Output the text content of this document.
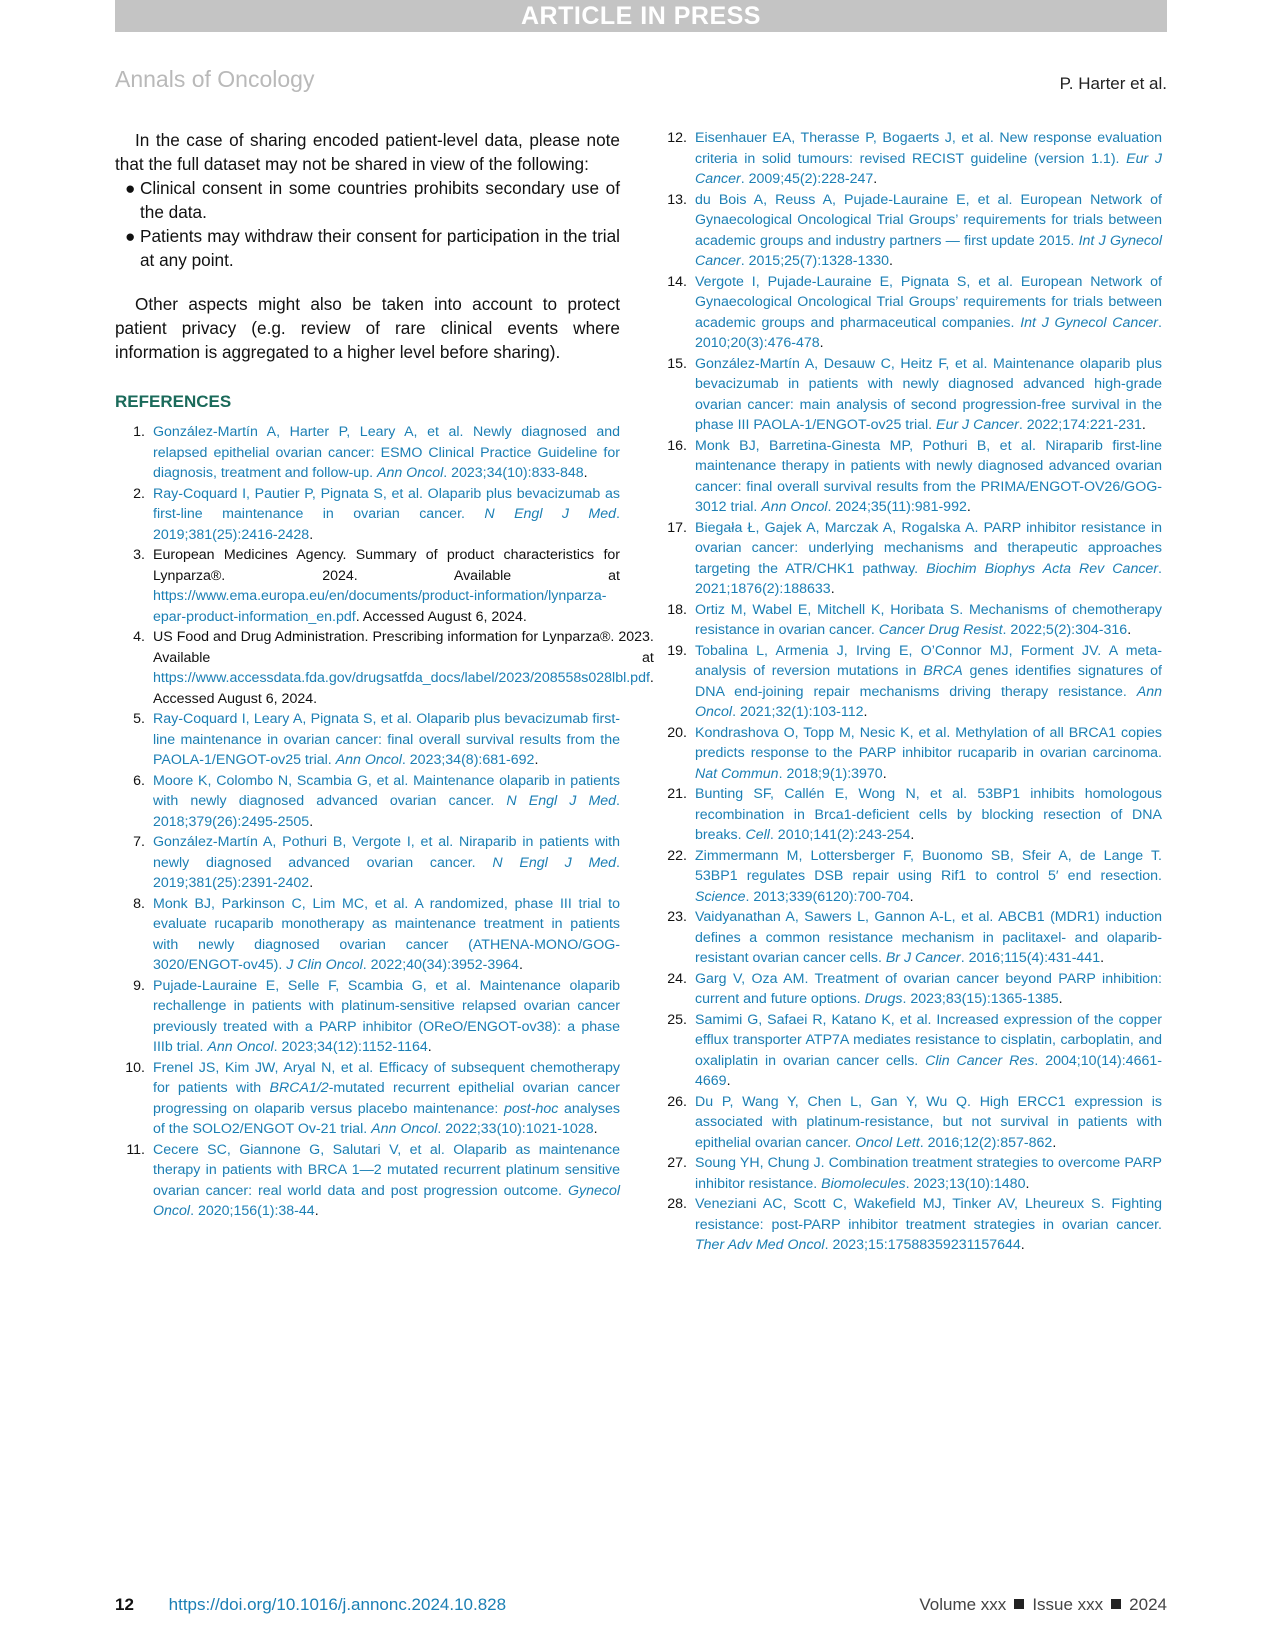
ARTICLE IN PRESS
Annals of Oncology	P. Harter et al.

In the case of sharing encoded patient-level data, please note that the full dataset may not be shared in view of the following:

● Clinical consent in some countries prohibits secondary use of the data.
● Patients may withdraw their consent for participation in the trial at any point.

Other aspects might also be taken into account to protect patient privacy (e.g. review of rare clinical events where information is aggregated to a higher level before sharing).

REFERENCES
1. González-Martín A, Harter P, Leary A, et al. Newly diagnosed and relapsed epithelial ovarian cancer: ESMO Clinical Practice Guideline for diagnosis, treatment and follow-up. Ann Oncol. 2023;34(10):833-848.
2. Ray-Coquard I, Pautier P, Pignata S, et al. Olaparib plus bevacizumab as first-line maintenance in ovarian cancer. N Engl J Med. 2019;381(25):2416-2428.
3. European Medicines Agency. Summary of product characteristics for Lynparza®. 2024. Available at https://www.ema.europa.eu/en/documents/product-information/lynparza-epar-product-information_en.pdf. Accessed August 6, 2024.
4. US Food and Drug Administration. Prescribing information for Lynparza®. 2023. Available at https://www.accessdata.fda.gov/drugsatfda_docs/label/2023/208558s028lbl.pdf. Accessed August 6, 2024.
5. Ray-Coquard I, Leary A, Pignata S, et al. Olaparib plus bevacizumab first-line maintenance in ovarian cancer: final overall survival results from the PAOLA-1/ENGOT-ov25 trial. Ann Oncol. 2023;34(8):681-692.
6. Moore K, Colombo N, Scambia G, et al. Maintenance olaparib in patients with newly diagnosed advanced ovarian cancer. N Engl J Med. 2018;379(26):2495-2505.
7. González-Martín A, Pothuri B, Vergote I, et al. Niraparib in patients with newly diagnosed advanced ovarian cancer. N Engl J Med. 2019;381(25):2391-2402.
8. Monk BJ, Parkinson C, Lim MC, et al. A randomized, phase III trial to evaluate rucaparib monotherapy as maintenance treatment in patients with newly diagnosed ovarian cancer (ATHENA-MONO/GOG-3020/ENGOT-ov45). J Clin Oncol. 2022;40(34):3952-3964.
9. Pujade-Lauraine E, Selle F, Scambia G, et al. Maintenance olaparib rechallenge in patients with platinum-sensitive relapsed ovarian cancer previously treated with a PARP inhibitor (OReO/ENGOT-ov38): a phase IIIb trial. Ann Oncol. 2023;34(12):1152-1164.
10. Frenel JS, Kim JW, Aryal N, et al. Efficacy of subsequent chemotherapy for patients with BRCA1/2-mutated recurrent epithelial ovarian cancer progressing on olaparib versus placebo maintenance: post-hoc analyses of the SOLO2/ENGOT Ov-21 trial. Ann Oncol. 2022;33(10):1021-1028.
11. Cecere SC, Giannone G, Salutari V, et al. Olaparib as maintenance therapy in patients with BRCA 1—2 mutated recurrent platinum sensitive ovarian cancer: real world data and post progression outcome. Gynecol Oncol. 2020;156(1):38-44.
12. Eisenhauer EA, Therasse P, Bogaerts J, et al. New response evaluation criteria in solid tumours: revised RECIST guideline (version 1.1). Eur J Cancer. 2009;45(2):228-247.
13. du Bois A, Reuss A, Pujade-Lauraine E, et al. European Network of Gynaecological Oncological Trial Groups’ requirements for trials between academic groups and industry partners — first update 2015. Int J Gynecol Cancer. 2015;25(7):1328-1330.
14. Vergote I, Pujade-Lauraine E, Pignata S, et al. European Network of Gynaecological Oncological Trial Groups’ requirements for trials between academic groups and pharmaceutical companies. Int J Gynecol Cancer. 2010;20(3):476-478.
15. González-Martín A, Desauw C, Heitz F, et al. Maintenance olaparib plus bevacizumab in patients with newly diagnosed advanced high-grade ovarian cancer: main analysis of second progression-free survival in the phase III PAOLA-1/ENGOT-ov25 trial. Eur J Cancer. 2022;174:221-231.
16. Monk BJ, Barretina-Ginesta MP, Pothuri B, et al. Niraparib first-line maintenance therapy in patients with newly diagnosed advanced ovarian cancer: final overall survival results from the PRIMA/ENGOT-OV26/GOG-3012 trial. Ann Oncol. 2024;35(11):981-992.
17. Biegała Ł, Gajek A, Marczak A, Rogalska A. PARP inhibitor resistance in ovarian cancer: underlying mechanisms and therapeutic approaches targeting the ATR/CHK1 pathway. Biochim Biophys Acta Rev Cancer. 2021;1876(2):188633.
18. Ortiz M, Wabel E, Mitchell K, Horibata S. Mechanisms of chemotherapy resistance in ovarian cancer. Cancer Drug Resist. 2022;5(2):304-316.
19. Tobalina L, Armenia J, Irving E, O’Connor MJ, Forment JV. A meta-analysis of reversion mutations in BRCA genes identifies signatures of DNA end-joining repair mechanisms driving therapy resistance. Ann Oncol. 2021;32(1):103-112.
20. Kondrashova O, Topp M, Nesic K, et al. Methylation of all BRCA1 copies predicts response to the PARP inhibitor rucaparib in ovarian carcinoma. Nat Commun. 2018;9(1):3970.
21. Bunting SF, Callén E, Wong N, et al. 53BP1 inhibits homologous recombination in Brca1-deficient cells by blocking resection of DNA breaks. Cell. 2010;141(2):243-254.
22. Zimmermann M, Lottersberger F, Buonomo SB, Sfeir A, de Lange T. 53BP1 regulates DSB repair using Rif1 to control 5′ end resection. Science. 2013;339(6120):700-704.
23. Vaidyanathan A, Sawers L, Gannon A-L, et al. ABCB1 (MDR1) induction defines a common resistance mechanism in paclitaxel- and olaparib-resistant ovarian cancer cells. Br J Cancer. 2016;115(4):431-441.
24. Garg V, Oza AM. Treatment of ovarian cancer beyond PARP inhibition: current and future options. Drugs. 2023;83(15):1365-1385.
25. Samimi G, Safaei R, Katano K, et al. Increased expression of the copper efflux transporter ATP7A mediates resistance to cisplatin, carboplatin, and oxaliplatin in ovarian cancer cells. Clin Cancer Res. 2004;10(14):4661-4669.
26. Du P, Wang Y, Chen L, Gan Y, Wu Q. High ERCC1 expression is associated with platinum-resistance, but not survival in patients with epithelial ovarian cancer. Oncol Lett. 2016;12(2):857-862.
27. Soung YH, Chung J. Combination treatment strategies to overcome PARP inhibitor resistance. Biomolecules. 2023;13(10):1480.
28. Veneziani AC, Scott C, Wakefield MJ, Tinker AV, Lheureux S. Fighting resistance: post-PARP inhibitor treatment strategies in ovarian cancer. Ther Adv Med Oncol. 2023;15:17588359231157644.
12 https://doi.org/10.1016/j.annonc.2024.10.828	Volume xxx Issue xxx 2024
